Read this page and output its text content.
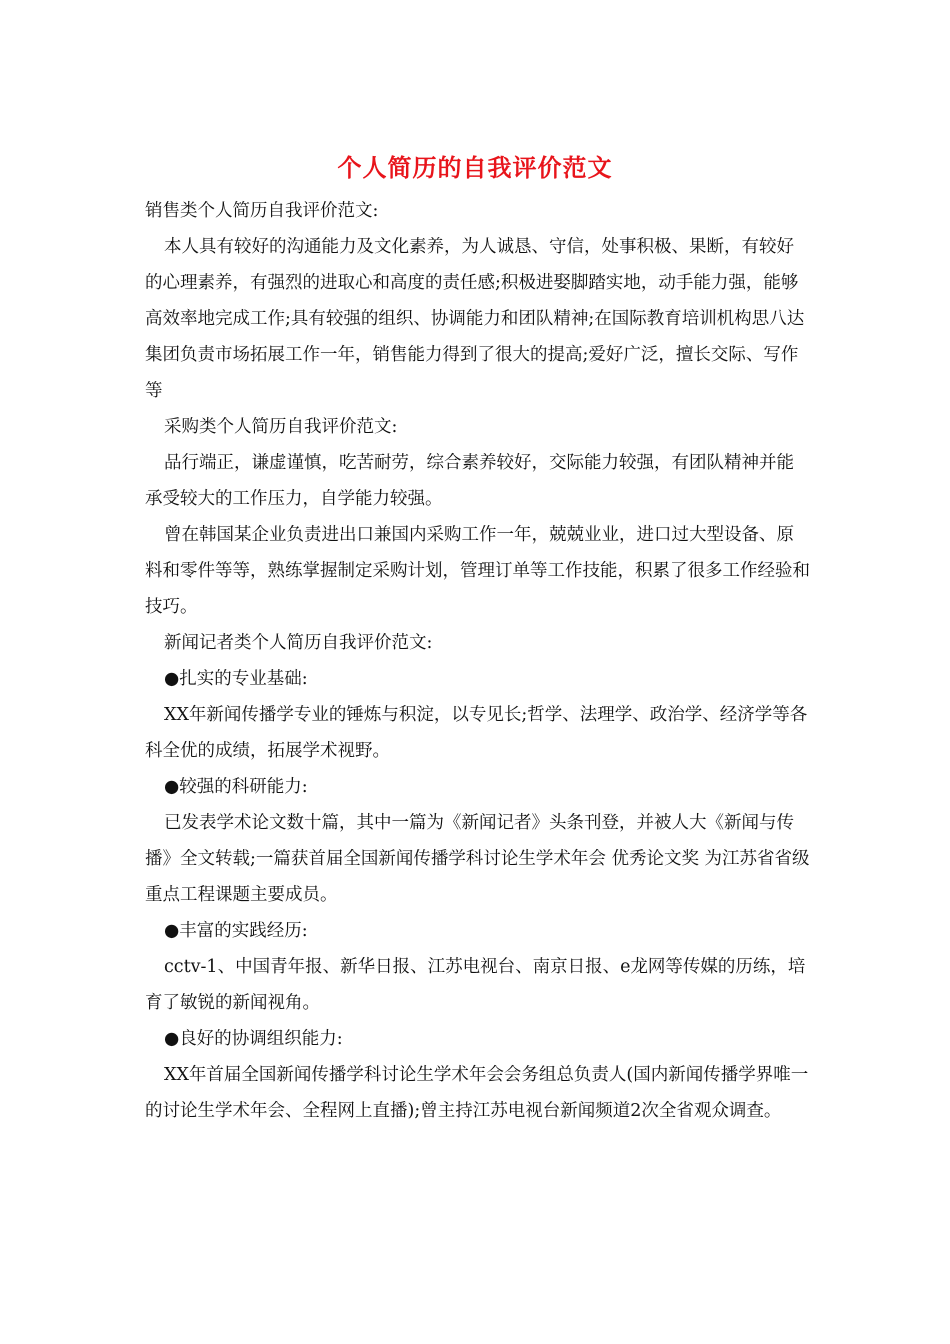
个人简历的自我评价范文

销售类个人简历自我评价范文:

本人具有较好的沟通能力及文化素养，为人诚恳、守信，处事积极、果断，有较好的心理素养，有强烈的进取心和高度的责任感;积极进娶脚踏实地，动手能力强，能够高效率地完成工作;具有较强的组织、协调能力和团队精神;在国际教育培训机构思八达集团负责市场拓展工作一年，销售能力得到了很大的提高;爱好广泛，擅长交际、写作等

采购类个人简历自我评价范文:

品行端正，谦虚谨慎，吃苦耐劳，综合素养较好，交际能力较强，有团队精神并能承受较大的工作压力，自学能力较强。

曾在韩国某企业负责进出口兼国内采购工作一年，兢兢业业，进口过大型设备、原料和零件等等，熟练掌握制定采购计划，管理订单等工作技能，积累了很多工作经验和技巧。

新闻记者类个人简历自我评价范文:

●扎实的专业基础:

XX年新闻传播学专业的锤炼与积淀，以专见长;哲学、法理学、政治学、经济学等各科全优的成绩，拓展学术视野。

●较强的科研能力:

已发表学术论文数十篇，其中一篇为《新闻记者》头条刊登，并被人大《新闻与传播》全文转载;一篇获首届全国新闻传播学科讨论生学术年会 优秀论文奖 为江苏省省级重点工程课题主要成员。

●丰富的实践经历:

cctv-1、中国青年报、新华日报、江苏电视台、南京日报、e龙网等传媒的历练，培育了敏锐的新闻视角。

●良好的协调组织能力:

XX年首届全国新闻传播学科讨论生学术年会会务组总负责人(国内新闻传播学界唯一的讨论生学术年会、全程网上直播);曾主持江苏电视台新闻频道2次全省观众调查。
